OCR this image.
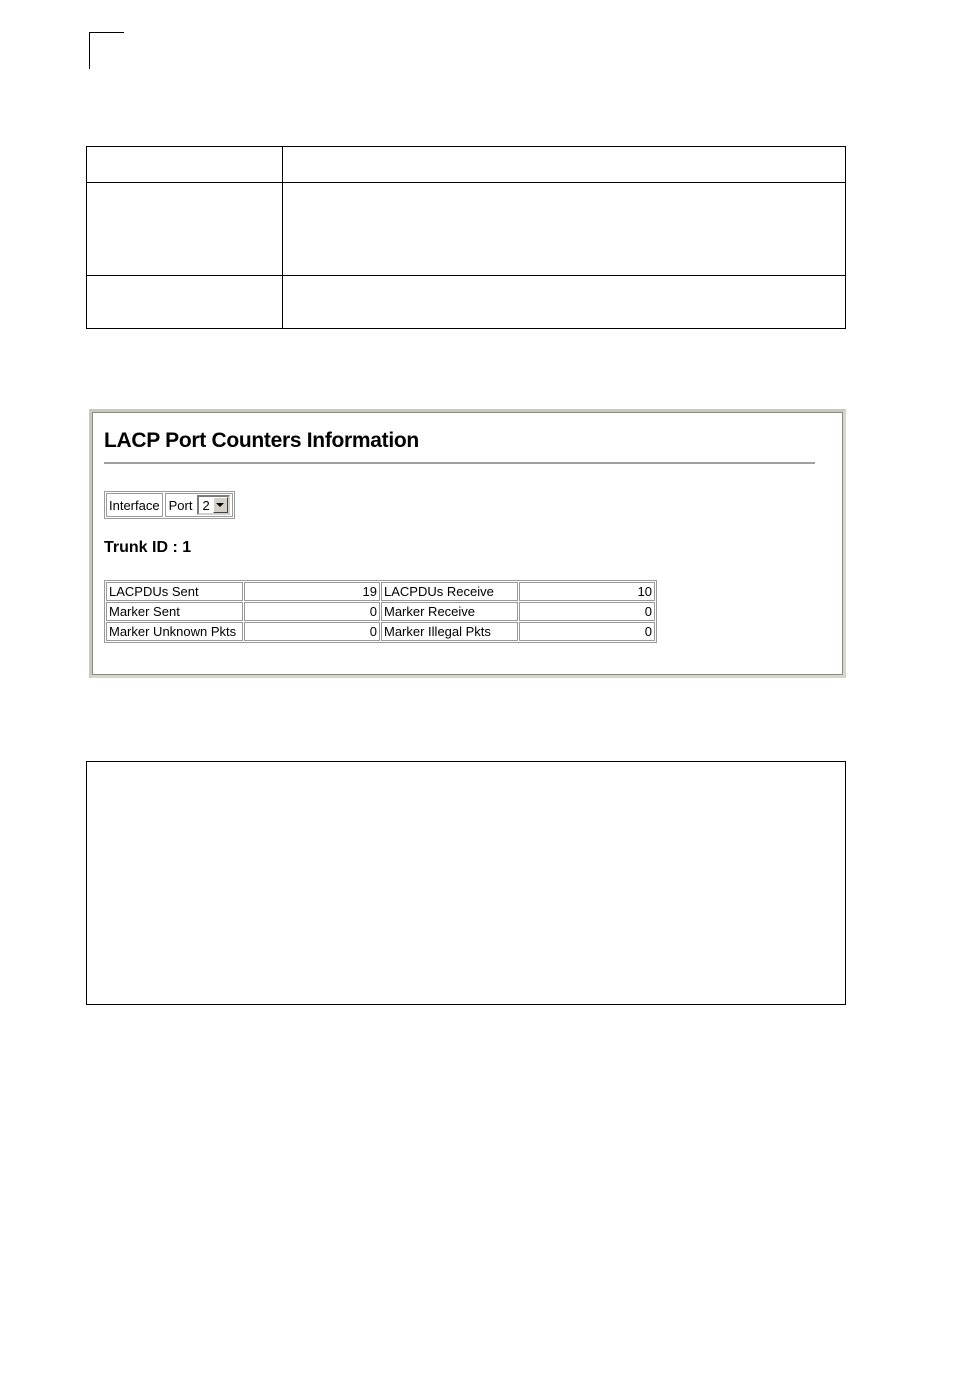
LACP Port Counters Information
Interface Port 2
Trunk ID : 1
LACPDUs Sent	19	LACPDUs Receive	10
Marker Sent	0	Marker Receive	0
Marker Unknown Pkts	0	Marker Illegal Pkts	0
